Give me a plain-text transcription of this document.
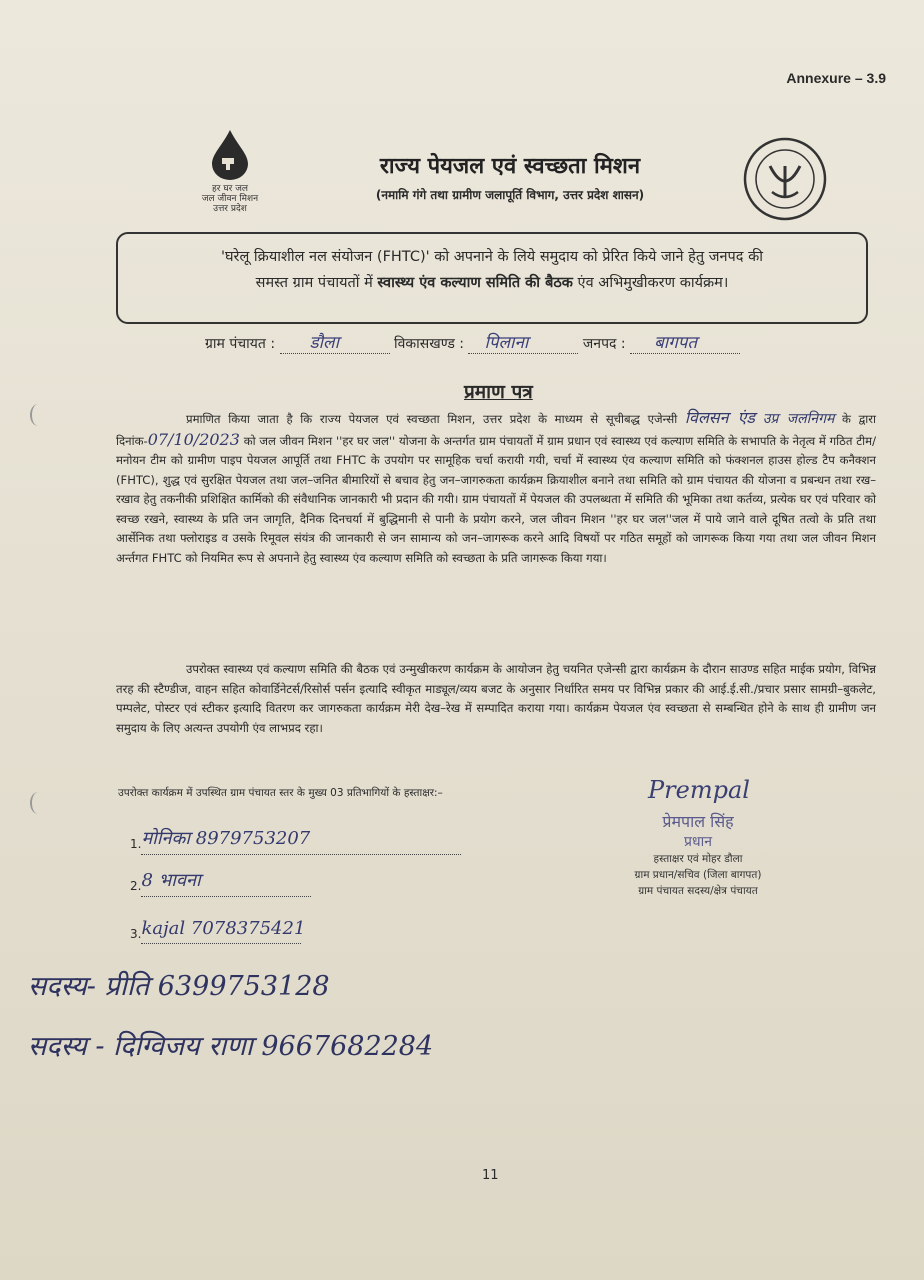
Annexure – 3.9
हर घर जल
जल जीवन मिशन
उत्तर प्रदेश
राज्य पेयजल एवं स्वच्छता मिशन
(नमामि गंगे तथा ग्रामीण जलापूर्ति विभाग, उत्तर प्रदेश शासन)
'घरेलू क्रियाशील नल संयोजन (FHTC)' को अपनाने के लिये समुदाय को प्रेरित किये जाने हेतु जनपद की
समस्त ग्राम पंचायतों में स्वास्थ्य एंव कल्याण समिति की बैठक एंव अभिमुखीकरण कार्यक्रम।
ग्राम पंचायत : डौला	विकासखण्ड : पिलाना	जनपद : बागपत
प्रमाण पत्र
प्रमाणित किया जाता है कि राज्य पेयजल एवं स्वच्छता मिशन, उत्तर प्रदेश के माध्यम से सूचीबद्ध एजेन्सी विलसन एंड उप्र जलनिगम के द्वारा दिनांक-07/10/2023 को जल जीवन मिशन ''हर घर जल'' योजना के अन्तर्गत ग्राम पंचायतों में ग्राम प्रधान एवं स्वास्थ्य एवं कल्याण समिति के सभापति के नेतृत्व में गठित टीम/मनोयन टीम को ग्रामीण पाइप पेयजल आपूर्ति तथा FHTC के उपयोग पर सामूहिक चर्चा करायी गयी, चर्चा में स्वास्थ्य एंव कल्याण समिति को फंक्शनल हाउस होल्ड टैप कनैक्शन (FHTC), शुद्ध एवं सुरक्षित पेयजल तथा जल–जनित बीमारियों से बचाव हेतु जन–जागरुकता कार्यक्रम क्रियाशील बनाने तथा समिति को ग्राम पंचायत की योजना व प्रबन्धन तथा रख–रखाव हेतु तकनीकी प्रशिक्षित कार्मिको की संवैधानिक जानकारी भी प्रदान की गयी। ग्राम पंचायतों में पेयजल की उपलब्धता में समिति की भूमिका तथा कर्तव्य, प्रत्येक घर एवं परिवार को स्वच्छ रखने, स्वास्थ्य के प्रति जन जागृति, दैनिक दिनचर्या में बुद्धिमानी से पानी के प्रयोग करने, जल जीवन मिशन ''हर घर जल''जल में पाये जाने वाले दूषित तत्वो के प्रति तथा आर्सेनिक तथा फ्लोराइड व उसके रिमूवल संयंत्र की जानकारी से जन सामान्य को जन–जागरूक करने आदि विषयों पर गठित समूहों को जागरूक किया गया तथा जल जीवन मिशन अर्न्तगत FHTC को नियमित रूप से अपनाने हेतु स्वास्थ्य एंव कल्याण समिति को स्वच्छता के प्रति जागरूक किया गया।
उपरोक्त स्वास्थ्य एवं कल्याण समिति की बैठक एवं उन्मुखीकरण कार्यक्रम के आयोजन हेतु चयनित एजेन्सी द्वारा कार्यक्रम के दौरान साउण्ड सहित माईक प्रयोग, विभिन्न तरह की स्टैण्डीज, वाहन सहित कोवार्डिनेटर्स/रिसोर्स पर्सन इत्यादि स्वीकृत माड्यूल/व्यय बजट के अनुसार निर्धारित समय पर विभिन्न प्रकार की आई.ई.सी./प्रचार प्रसार सामग्री–बुकलेट, पम्पलेट, पोस्टर एवं स्टीकर इत्यादि वितरण कर जागरुकता कार्यक्रम मेरी देख–रेख में सम्पादित कराया गया। कार्यक्रम पेयजल एंव स्वच्छता से सम्बन्धित होने के साथ ही ग्रामीण जन समुदाय के लिए अत्यन्त उपयोगी एंव लाभप्रद रहा।
उपरोक्त कार्यक्रम में उपस्थित ग्राम पंचायत स्तर के मुख्य 03 प्रतिभागियों के हस्ताक्षर:–
1.मोनिका 8979753207
2.8 भावना
3.kajal 7078375421
Prempal
प्रेमपाल सिंह
प्रधान
हस्ताक्षर एवं मोहर डौला
ग्राम प्रधान/सचिव (जिला बागपत)
ग्राम पंचायत सदस्य/क्षेत्र पंचायत
सदस्य- प्रीति 6399753128
सदस्य - दिग्विजय राणा 9667682284
11
